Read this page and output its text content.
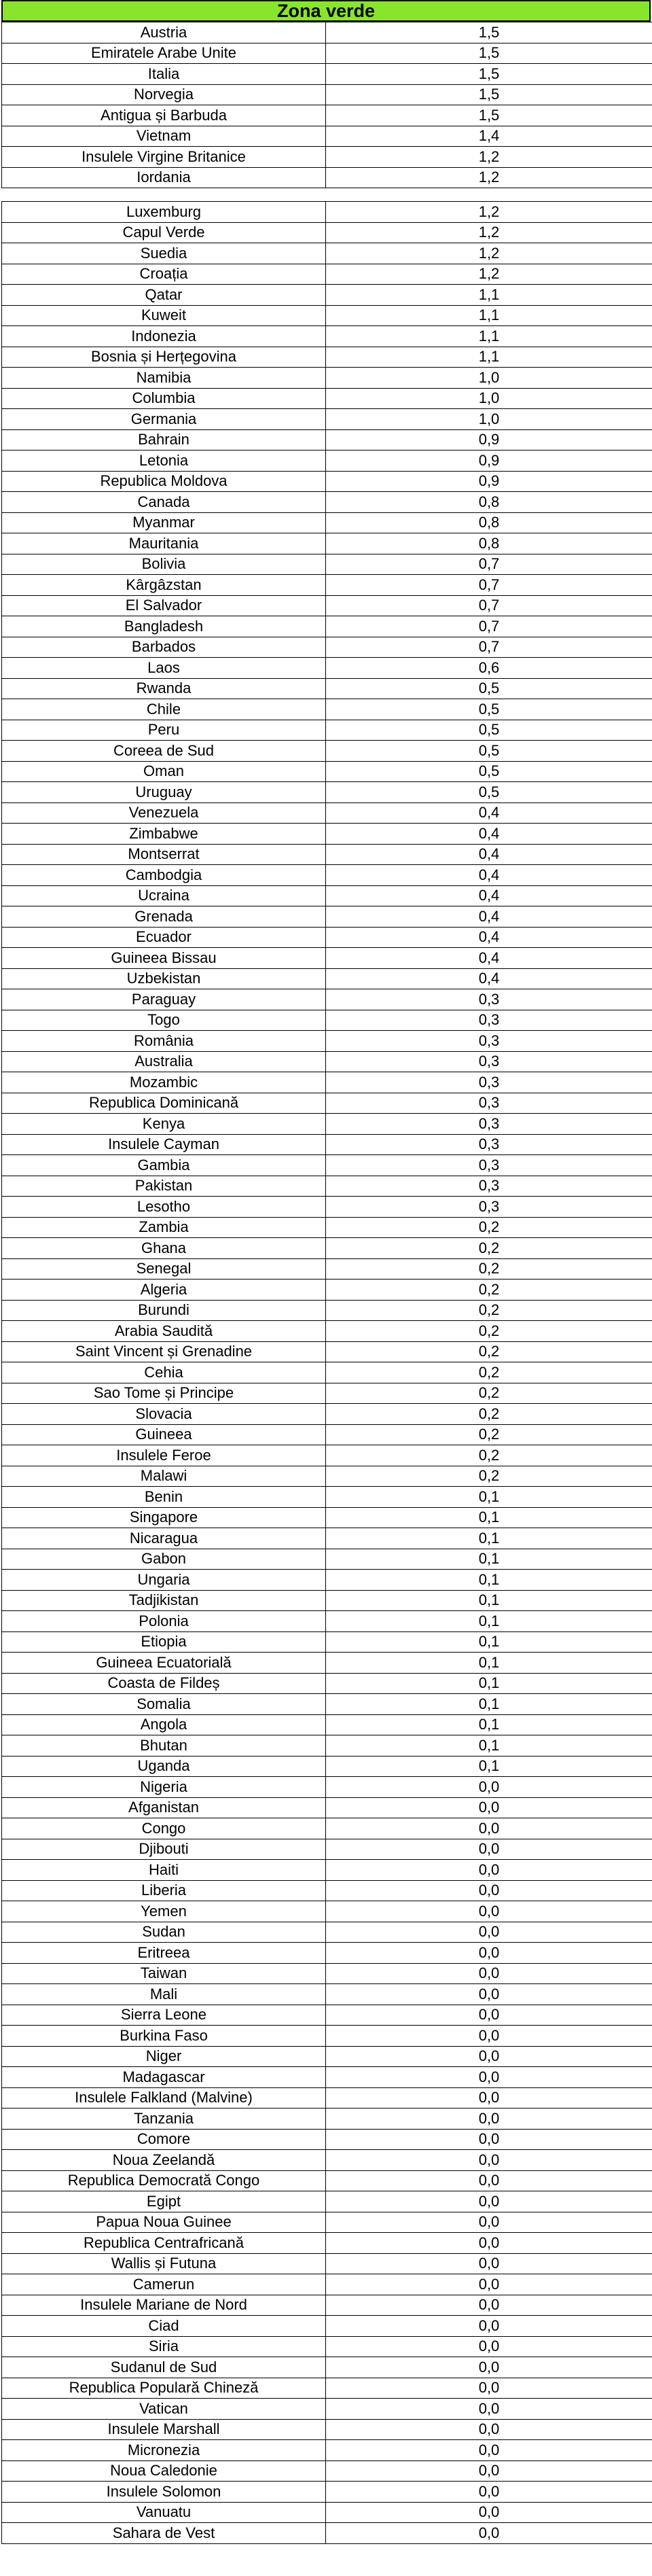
Zona verde
Austria	1,5
Emiratele Arabe Unite	1,5
Italia	1,5
Norvegia	1,5
Antigua și Barbuda	1,5
Vietnam	1,4
Insulele Virgine Britanice	1,2
Iordania	1,2
Luxemburg	1,2
Capul Verde	1,2
Suedia	1,2
Croația	1,2
Qatar	1,1
Kuweit	1,1
Indonezia	1,1
Bosnia și Herțegovina	1,1
Namibia	1,0
Columbia	1,0
Germania	1,0
Bahrain	0,9
Letonia	0,9
Republica Moldova	0,9
Canada	0,8
Myanmar	0,8
Mauritania	0,8
Bolivia	0,7
Kârgâzstan	0,7
El Salvador	0,7
Bangladesh	0,7
Barbados	0,7
Laos	0,6
Rwanda	0,5
Chile	0,5
Peru	0,5
Coreea de Sud	0,5
Oman	0,5
Uruguay	0,5
Venezuela	0,4
Zimbabwe	0,4
Montserrat	0,4
Cambodgia	0,4
Ucraina	0,4
Grenada	0,4
Ecuador	0,4
Guineea Bissau	0,4
Uzbekistan	0,4
Paraguay	0,3
Togo	0,3
România	0,3
Australia	0,3
Mozambic	0,3
Republica Dominicană	0,3
Kenya	0,3
Insulele Cayman	0,3
Gambia	0,3
Pakistan	0,3
Lesotho	0,3
Zambia	0,2
Ghana	0,2
Senegal	0,2
Algeria	0,2
Burundi	0,2
Arabia Saudită	0,2
Saint Vincent și Grenadine	0,2
Cehia	0,2
Sao Tome și Principe	0,2
Slovacia	0,2
Guineea	0,2
Insulele Feroe	0,2
Malawi	0,2
Benin	0,1
Singapore	0,1
Nicaragua	0,1
Gabon	0,1
Ungaria	0,1
Tadjikistan	0,1
Polonia	0,1
Etiopia	0,1
Guineea Ecuatorială	0,1
Coasta de Fildeș	0,1
Somalia	0,1
Angola	0,1
Bhutan	0,1
Uganda	0,1
Nigeria	0,0
Afganistan	0,0
Congo	0,0
Djibouti	0,0
Haiti	0,0
Liberia	0,0
Yemen	0,0
Sudan	0,0
Eritreea	0,0
Taiwan	0,0
Mali	0,0
Sierra Leone	0,0
Burkina Faso	0,0
Niger	0,0
Madagascar	0,0
Insulele Falkland (Malvine)	0,0
Tanzania	0,0
Comore	0,0
Noua Zeelandă	0,0
Republica Democrată Congo	0,0
Egipt	0,0
Papua Noua Guinee	0,0
Republica Centrafricană	0,0
Wallis și Futuna	0,0
Camerun	0,0
Insulele Mariane de Nord	0,0
Ciad	0,0
Siria	0,0
Sudanul de Sud	0,0
Republica Populară Chineză	0,0
Vatican	0,0
Insulele Marshall	0,0
Micronezia	0,0
Noua Caledonie	0,0
Insulele Solomon	0,0
Vanuatu	0,0
Sahara de Vest	0,0
